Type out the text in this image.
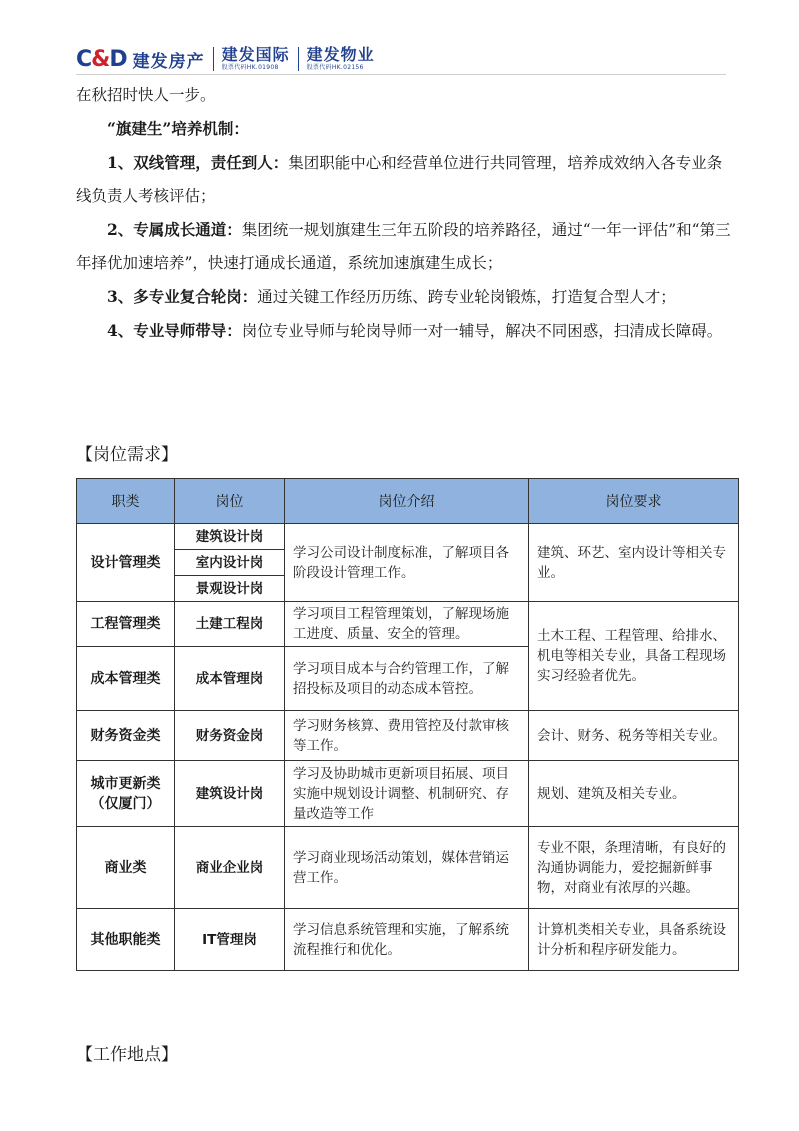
C&D 建发房产 建发国际
股票代码HK.01908
建发物业
股票代码HK.02156

在秋招时快人一步。

“旗建生”培养机制：

1、双线管理，责任到人：集团职能中心和经营单位进行共同管理，培养成效纳入各专业条线负责人考核评估；

2、专属成长通道：集团统一规划旗建生三年五阶段的培养路径，通过“一年一评估”和“第三年择优加速培养”，快速打通成长通道，系统加速旗建生成长；

3、多专业复合轮岗：通过关键工作经历历练、跨专业轮岗锻炼，打造复合型人才；

4、专业导师带导：岗位专业导师与轮岗导师一对一辅导，解决不同困惑，扫清成长障碍。

【岗位需求】
职类	岗位	岗位介绍	岗位要求
设计管理类	建筑设计岗	学习公司设计制度标准，了解项目各阶段设计管理工作。	建筑、环艺、室内设计等相关专业。
	室内设计岗		
	景观设计岗		
工程管理类	土建工程岗	学习项目工程管理策划，了解现场施工进度、质量、安全的管理。	土木工程、工程管理、给排水、机电等相关专业，具备工程现场实习经验者优先。
成本管理类	成本管理岗	学习项目成本与合约管理工作，了解招投标及项目的动态成本管控。	
财务资金类	财务资金岗	学习财务核算、费用管控及付款审核等工作。	会计、财务、税务等相关专业。
城市更新类
（仅厦门）	建筑设计岗	学习及协助城市更新项目拓展、项目实施中规划设计调整、机制研究、存量改造等工作	规划、建筑及相关专业。
商业类	商业企业岗	学习商业现场活动策划，媒体营销运营工作。	专业不限，条理清晰，有良好的沟通协调能力，爱挖掘新鲜事物，对商业有浓厚的兴趣。
其他职能类	IT管理岗	学习信息系统管理和实施，了解系统流程推行和优化。	计算机类相关专业，具备系统设计分析和程序研发能力。
【工作地点】
